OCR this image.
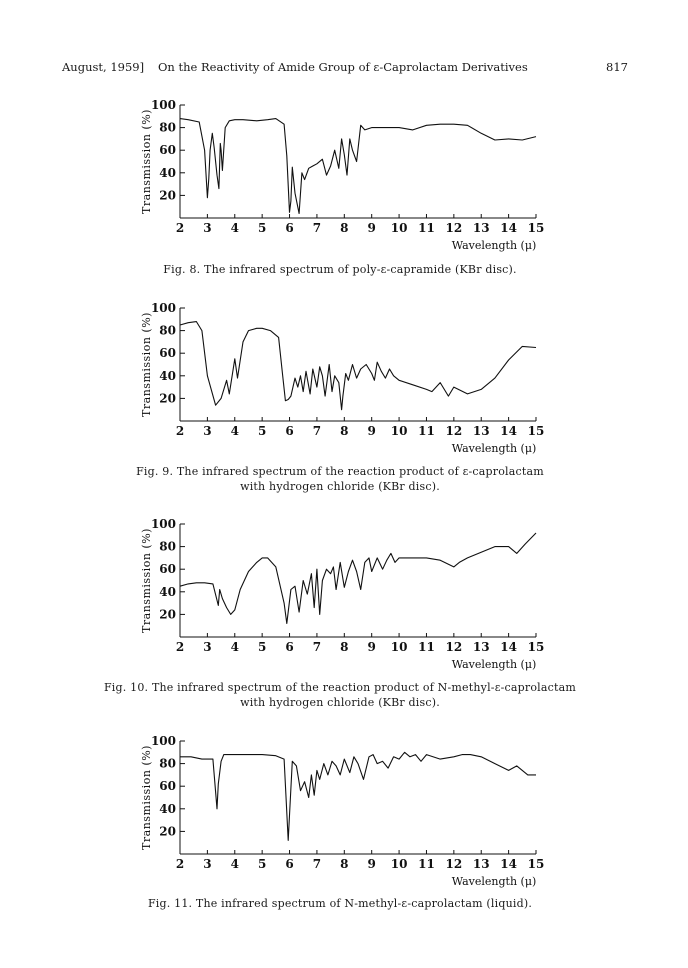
August, 1959] On the Reactivity of Amide Group of ε-Caprolactam Derivatives	817
20
40
60
80
100
2 3 4 5 6 7 8 9 10 11 12 13 14 15
Transmission (%)
Wavelength (μ)
Fig. 8. The infrared spectrum of poly-ε-capramide (KBr disc).
20
40
60
80
100
2 3 4 5 6 7 8 9 10 11 12 13 14 15
Transmission (%)
Wavelength (μ)
Fig. 9. The infrared spectrum of the reaction product of ε-caprolactam
with hydrogen chloride (KBr disc).
20
40
60
80
100
2 3 4 5 6 7 8 9 10 11 12 13 14 15
Transmission (%)
Wavelength (μ)
Fig. 10. The infrared spectrum of the reaction product of N-methyl-ε-caprolactam
with hydrogen chloride (KBr disc).
20
40
60
80
100
2 3 4 5 6 7 8 9 10 11 12 13 14 15
Transmission (%)
Wavelength (μ)
Fig. 11. The infrared spectrum of N-methyl-ε-caprolactam (liquid).
